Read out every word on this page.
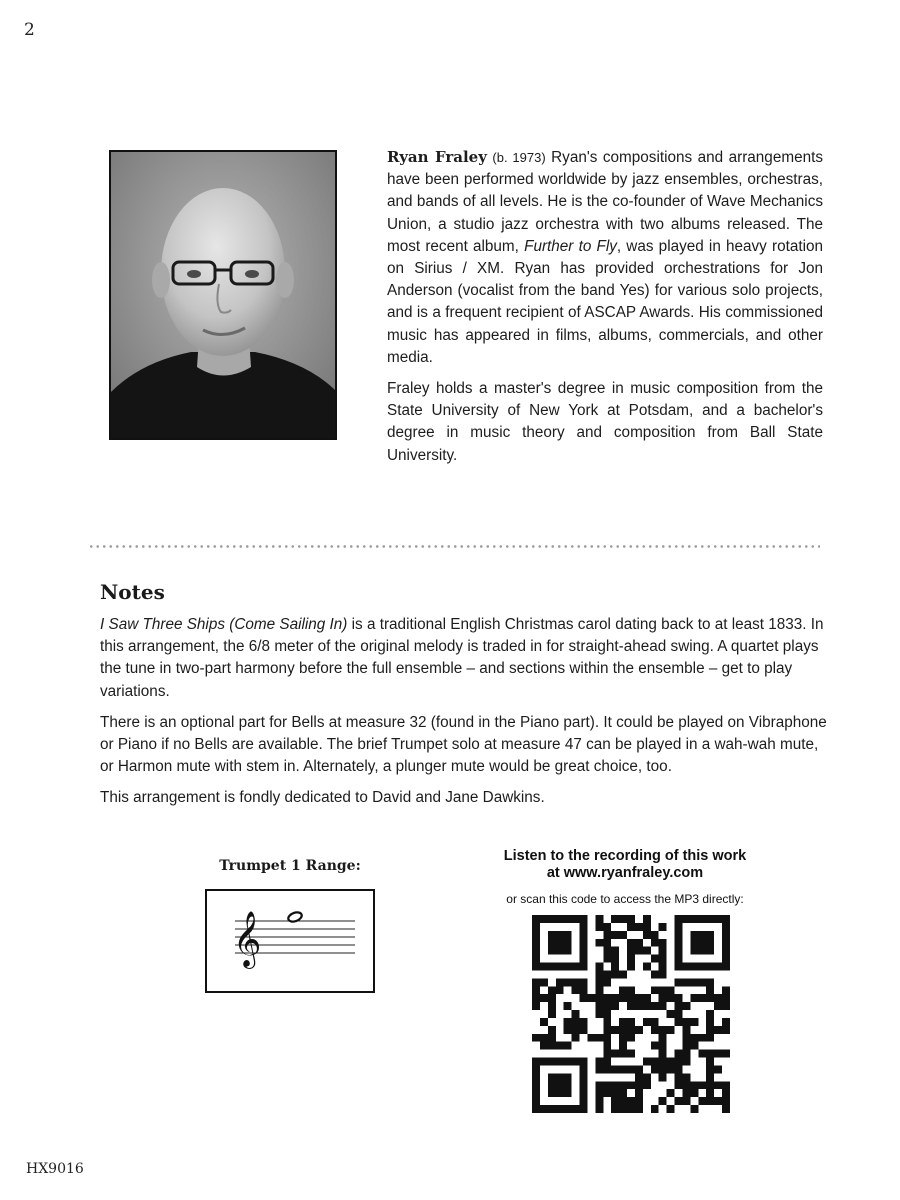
2

Ryan Fraley (b. 1973) Ryan's compositions and arrangements have been performed worldwide by jazz ensembles, orchestras, and bands of all levels. He is the co-founder of Wave Mechanics Union, a studio jazz orchestra with two albums released. The most recent album, Further to Fly, was played in heavy rotation on Sirius / XM. Ryan has provided orchestrations for Jon Anderson (vocalist from the band Yes) for various solo projects, and is a frequent recipient of ASCAP Awards. His commissioned music has appeared in films, albums, commercials, and other media.

Fraley holds a master's degree in music composition from the State University of New York at Potsdam, and a bachelor's degree in music theory and composition from Ball State University.

Notes

I Saw Three Ships (Come Sailing In) is a traditional English Christmas carol dating back to at least 1833. In this arrangement, the 6/8 meter of the original melody is traded in for straight-ahead swing. A quartet plays the tune in two-part harmony before the full ensemble – and sections within the ensemble – get to play variations.

There is an optional part for Bells at measure 32 (found in the Piano part). It could be played on Vibraphone or Piano if no Bells are available. The brief Trumpet solo at measure 47 can be played in a wah-wah mute, or Harmon mute with stem in. Alternately, a plunger mute would be great choice, too.

This arrangement is fondly dedicated to David and Jane Dawkins.

Trumpet 1 Range:
𝄞
Listen to the recording of this work
at www.ryanfraley.com
or scan this code to access the MP3 directly:
HX9016
